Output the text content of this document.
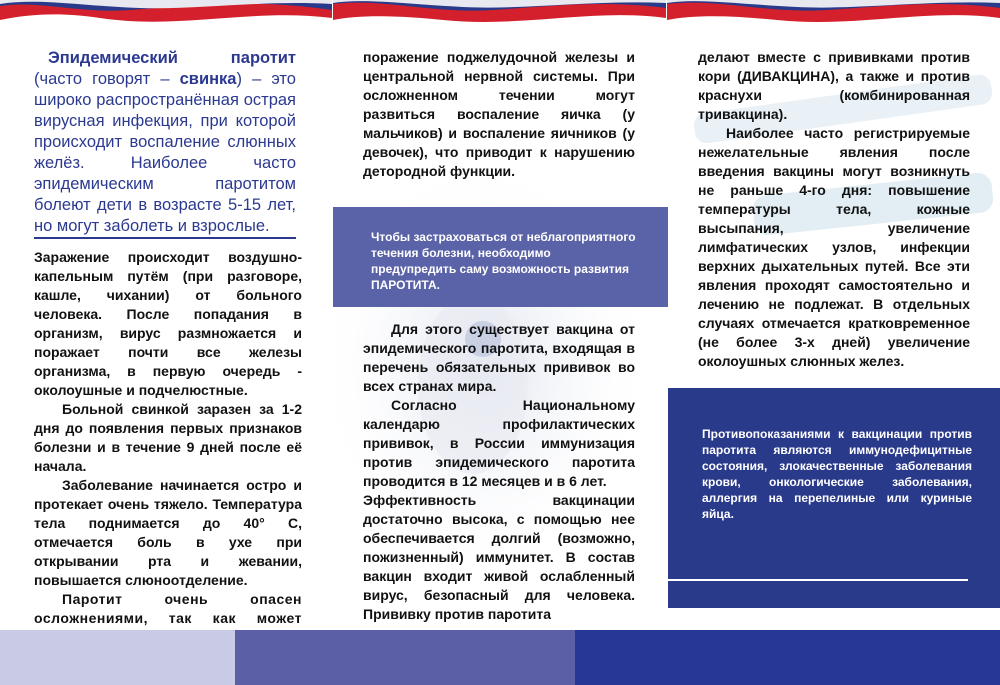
Эпидемический паротит (часто говорят – свинка) – это широко распространённая острая вирусная инфекция, при которой происходит воспаление слюнных желёз. Наиболее часто эпидемическим паротитом болеют дети в возрасте 5-15 лет, но могут заболеть и взрослые.

Заражение происходит воздушно-капельным путём (при разговоре, кашле, чихании) от больного человека. После попадания в организм, вирус размножается и поражает почти все железы организма, в первую очередь - околоушные и подчелюстные.

Больной свинкой заразен за 1-2 дня до появления первых признаков болезни и в течение 9 дней после её начала.

Заболевание начинается остро и протекает очень тяжело. Температура тела поднимается до 40° С, отмечается боль в ухе при открывании рта и жевании, повышается слюноотделение.

Паротит очень опасен осложнениями, так как может

поражение поджелудочной железы и центральной нервной системы. При осложненном течении могут развиться воспаление яичка (у мальчиков) и воспаление яичников (у девочек), что приводит к нарушению детородной функции.

Чтобы застраховаться от неблагоприятного течения болезни, необходимо предупредить саму возможность развития ПАРОТИТА.

Для этого существует вакцина от эпидемического паротита, входящая в перечень обязательных прививок во всех странах мира.

Согласно Национальному календарю профилактических прививок, в России иммунизация против эпидемического паротита проводится в 12 месяцев и в 6 лет.

Эффективность вакцинации достаточно высока, с помощью нее обеспечивается долгий (возможно, пожизненный) иммунитет. В состав вакцин входит живой ослабленный вирус, безопасный для человека. Прививку против паротита

делают вместе с прививками против кори (ДИВАКЦИНА), а также и против краснухи (комбинированная тривакцина).

Наиболее часто регистрируемые нежелательные явления после введения вакцины могут возникнуть не раньше 4-го дня: повышение температуры тела, кожные высыпания, увеличение лимфатических узлов, инфекции верхних дыхательных путей. Все эти явления проходят самостоятельно и лечению не подлежат. В отдельных случаях отмечается кратковременное (не более 3-х дней) увеличение околоушных слюнных желез.

Противопоказаниями к вакцинации против паротита являются иммунодефицитные состояния, злокачественные заболевания крови, онкологические заболевания, аллергия на перепелиные или куриные яйца.
